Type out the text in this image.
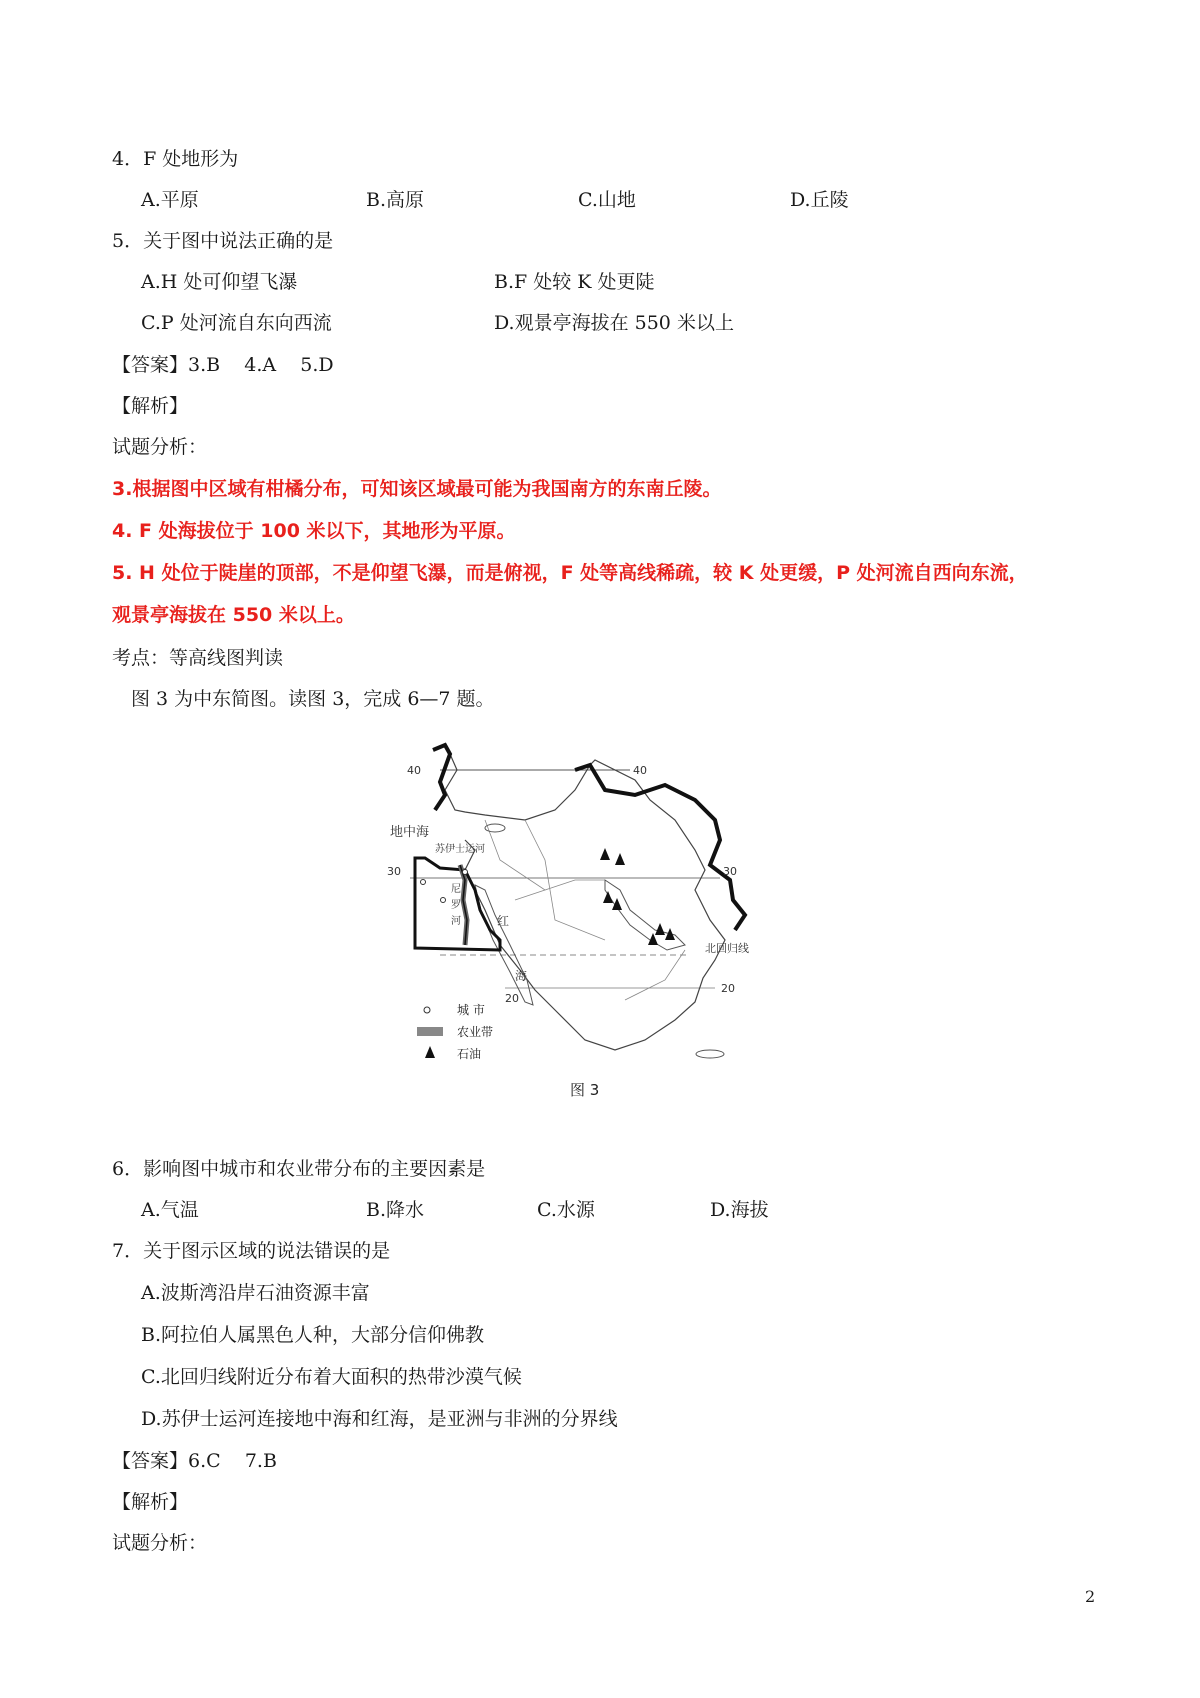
4．F 处地形为
A.平原	B.高原	C.山地	D.丘陵
5．关于图中说法正确的是
A.H 处可仰望飞瀑	B.F 处较 K 处更陡
C.P 处河流自东向西流	D.观景亭海拔在 550 米以上
【答案】3.B    4.A    5.D
【解析】
试题分析：
3.根据图中区域有柑橘分布，可知该区域最可能为我国南方的东南丘陵。
4. F 处海拔位于 100 米以下，其地形为平原。
5. H 处位于陡崖的顶部，不是仰望飞瀑，而是俯视，F 处等高线稀疏，较 K 处更缓，P 处河流自西向东流，
观景亭海拔在 550 米以上。
考点：等高线图判读
图 3 为中东简图。读图 3，完成 6—7 题。
40	40
30	30
20
20
地中海
苏伊士运河
尼
罗
河	红
海
北回归线
城 市
农业带
石油
图 3
6．影响图中城市和农业带分布的主要因素是
A.气温	B.降水	C.水源	D.海拔
7．关于图示区域的说法错误的是
A.波斯湾沿岸石油资源丰富
B.阿拉伯人属黑色人种，大部分信仰佛教
C.北回归线附近分布着大面积的热带沙漠气候
D.苏伊士运河连接地中海和红海，是亚洲与非洲的分界线
【答案】6.C    7.B
【解析】
试题分析：
2
